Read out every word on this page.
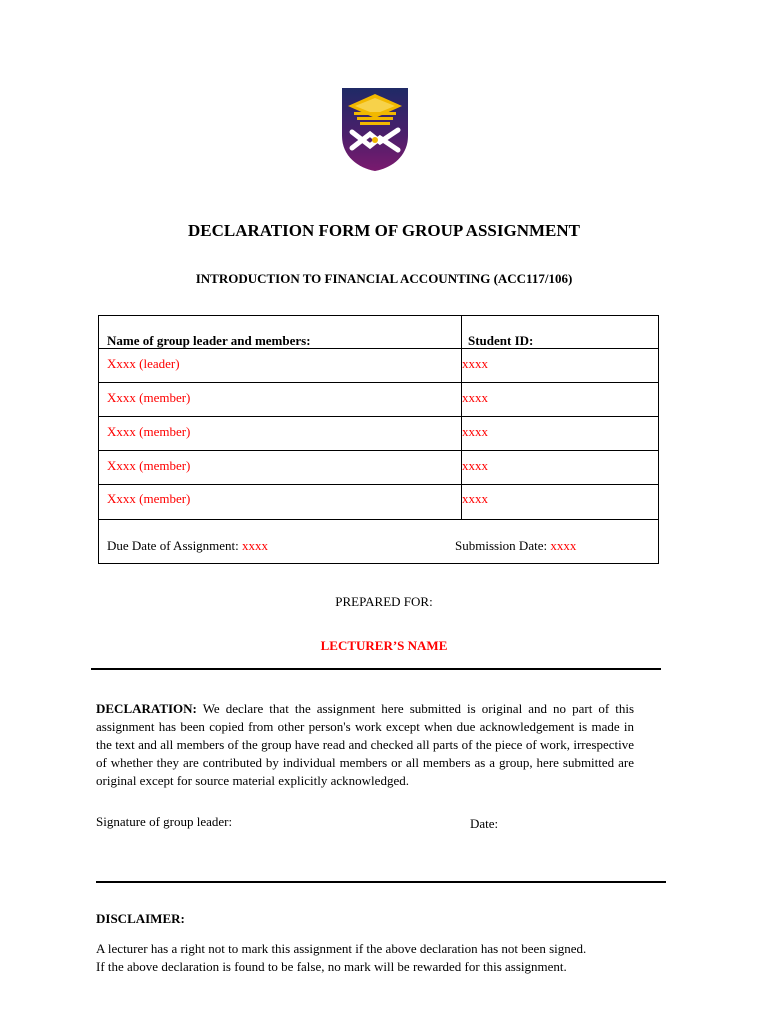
DECLARATION FORM OF GROUP ASSIGNMENT
INTRODUCTION TO FINANCIAL ACCOUNTING (ACC117/106)
Name of group leader and members:	Student ID:
Xxxx (leader)	xxxx
Xxxx (member)	xxxx
Xxxx (member)	xxxx
Xxxx (member)	xxxx
Xxxx (member)	xxxx
Due Date of Assignment: xxxx	Submission Date: xxxx
PREPARED FOR:
LECTURER’S NAME
DECLARATION: We declare that the assignment here submitted is original and no part of this assignment has been copied from other person's work except when due acknowledgement is made in the text and all members of the group have read and checked all parts of the piece of work, irrespective of whether they are contributed by individual members or all members as a group, here submitted are original except for source material explicitly acknowledged.
Signature of group leader:	Date:
DISCLAIMER:
A lecturer has a right not to mark this assignment if the above declaration has not been signed.
If the above declaration is found to be false, no mark will be rewarded for this assignment.
